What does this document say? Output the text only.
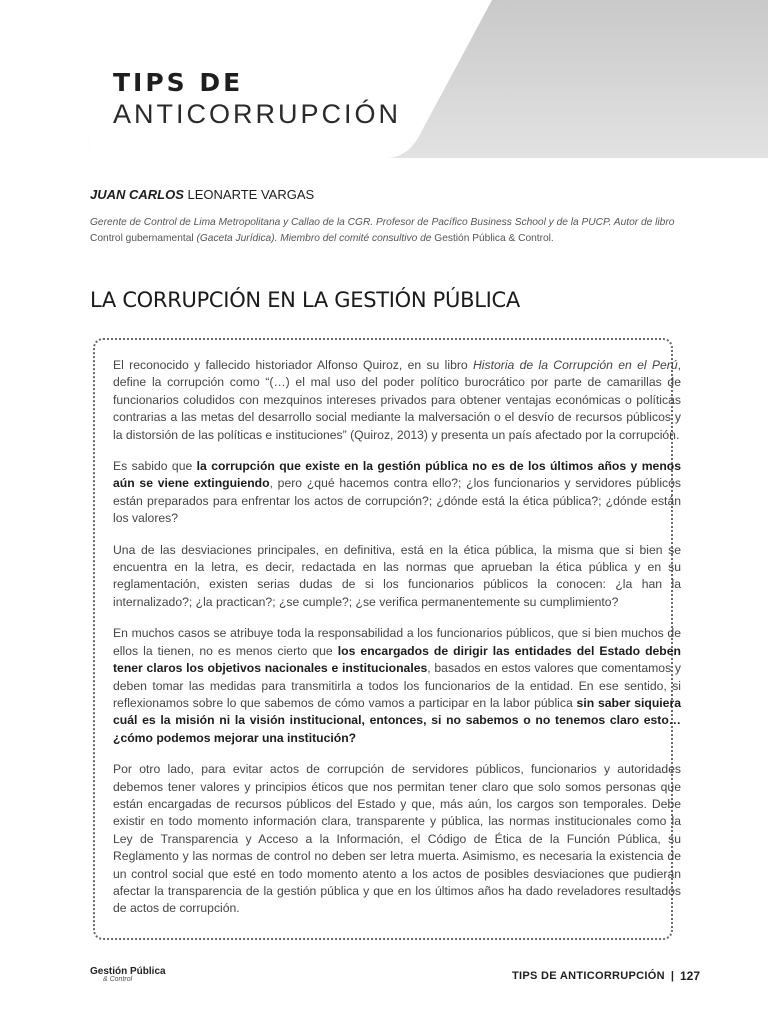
TIPS DE
ANTICORRUPCIÓN
JUAN CARLOS LEONARTE VARGAS
Gerente de Control de Lima Metropolitana y Callao de la CGR. Profesor de Pacífico Business School y de la PUCP. Autor de libro Control gubernamental (Gaceta Jurídica). Miembro del comité consultivo de Gestión Pública & Control.
LA CORRUPCIÓN EN LA GESTIÓN PÚBLICA

El reconocido y fallecido historiador Alfonso Quiroz, en su libro Historia de la Corrupción en el Perú, define la corrupción como “(…) el mal uso del poder político burocrático por parte de camarillas de funcionarios coludidos con mezquinos intereses privados para obtener ventajas económicas o políticas contrarias a las metas del desarrollo social mediante la malversación o el desvío de recursos públicos y la distorsión de las políticas e instituciones” (Quiroz, 2013) y presenta un país afectado por la corrupción.

Es sabido que la corrupción que existe en la gestión pública no es de los últimos años y menos aún se viene extinguiendo, pero ¿qué hacemos contra ello?; ¿los funcionarios y servidores públicos están preparados para enfrentar los actos de corrupción?; ¿dónde está la ética pública?; ¿dónde están los valores?

Una de las desviaciones principales, en definitiva, está en la ética pública, la misma que si bien se encuentra en la letra, es decir, redactada en las normas que aprueban la ética pública y en su reglamentación, existen serias dudas de si los funcionarios públicos la conocen: ¿la han la internalizado?; ¿la practican?; ¿se cumple?; ¿se verifica permanentemente su cumplimiento?

En muchos casos se atribuye toda la responsabilidad a los funcionarios públicos, que si bien muchos de ellos la tienen, no es menos cierto que los encargados de dirigir las entidades del Estado deben tener claros los objetivos nacionales e institucionales, basados en estos valores que comentamos y deben tomar las medidas para transmitirla a todos los funcionarios de la entidad. En ese sentido, si reflexionamos sobre lo que sabemos de cómo vamos a participar en la labor pública sin saber siquiera cuál es la misión ni la visión institucional, entonces, si no sabemos o no tenemos claro esto… ¿cómo podemos mejorar una institución?

Por otro lado, para evitar actos de corrupción de servidores públicos, funcionarios y autoridades debemos tener valores y principios éticos que nos permitan tener claro que solo somos personas que están encargadas de recursos públicos del Estado y que, más aún, los cargos son temporales. Debe existir en todo momento información clara, transparente y pública, las normas institucionales como la Ley de Transparencia y Acceso a la Información, el Código de Ética de la Función Pública, su Reglamento y las normas de control no deben ser letra muerta. Asimismo, es necesaria la existencia de un control social que esté en todo momento atento a los actos de posibles desviaciones que pudieran afectar la transparencia de la gestión pública y que en los últimos años ha dado reveladores resultados de actos de corrupción.

Gestión Pública
& Control	TIPS DE ANTICORRUPCIÓN | 127
